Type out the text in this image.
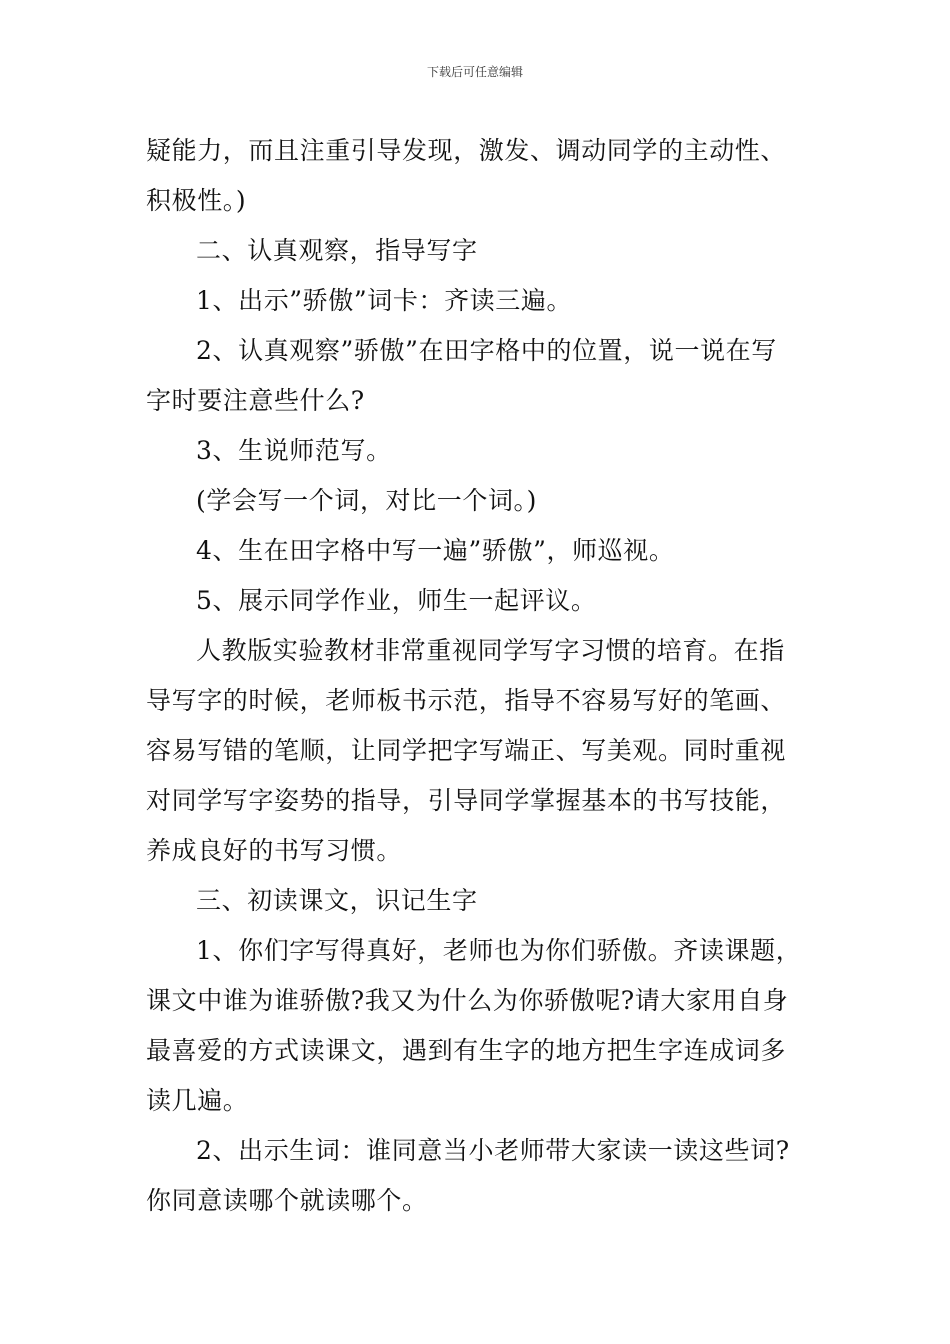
下载后可任意编辑

疑能力，而且注重引导发现，激发、调动同学的主动性、

积极性。)

二、认真观察，指导写字

1、出示”骄傲”词卡：齐读三遍。

2、认真观察”骄傲”在田字格中的位置，说一说在写

字时要注意些什么?

3、生说师范写。

(学会写一个词，对比一个词。)

4、生在田字格中写一遍”骄傲”，师巡视。

5、展示同学作业，师生一起评议。

人教版实验教材非常重视同学写字习惯的培育。在指

导写字的时候，老师板书示范，指导不容易写好的笔画、

容易写错的笔顺，让同学把字写端正、写美观。同时重视

对同学写字姿势的指导，引导同学掌握基本的书写技能，

养成良好的书写习惯。

三、初读课文，识记生字

1、你们字写得真好，老师也为你们骄傲。齐读课题，

课文中谁为谁骄傲?我又为什么为你骄傲呢?请大家用自身

最喜爱的方式读课文，遇到有生字的地方把生字连成词多

读几遍。

2、出示生词：谁同意当小老师带大家读一读这些词?

你同意读哪个就读哪个。
